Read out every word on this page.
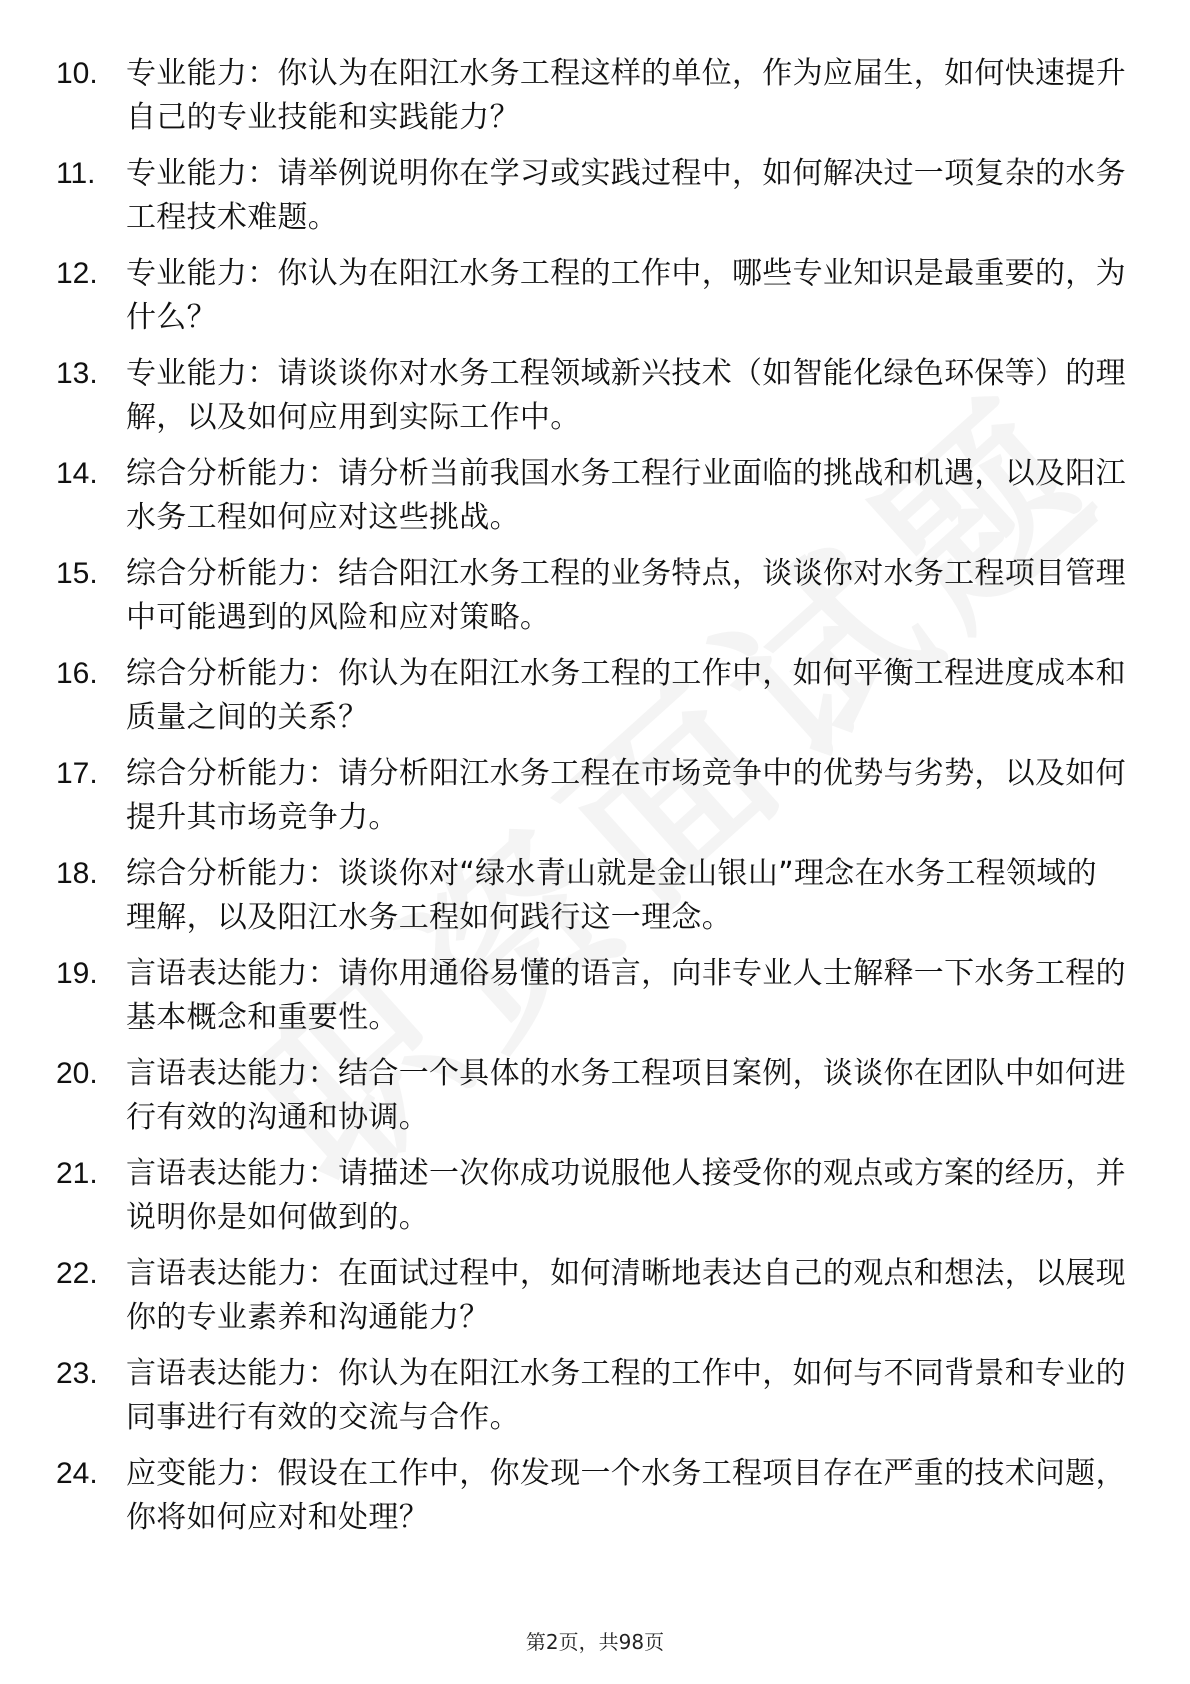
10. 专业能力：你认为在阳江水务工程这样的单位，作为应届生，如何快速提升自己的专业技能和实践能力？
11.	专业能力：请举例说明你在学习或实践过程中，如何解决过一项复杂的水务工程技术难题。
12. 专业能力：你认为在阳江水务工程的工作中，哪些专业知识是最重要的，为什么？
13. 专业能力：请谈谈你对水务工程领域新兴技术（如智能化绿色环保等）的理解，以及如何应用到实际工作中。
14. 综合分析能力：请分析当前我国水务工程行业面临的挑战和机遇，以及阳江水务工程如何应对这些挑战。
15. 综合分析能力：结合阳江水务工程的业务特点，谈谈你对水务工程项目管理中可能遇到的风险和应对策略。
16. 综合分析能力：你认为在阳江水务工程的工作中，如何平衡工程进度成本和质量之间的关系？
17. 综合分析能力：请分析阳江水务工程在市场竞争中的优势与劣势，以及如何提升其市场竞争力。
18. 综合分析能力：谈谈你对“绿水青山就是金山银山”理念在水务工程领域的理解，以及阳江水务工程如何践行这一理念。
19. 言语表达能力：请你用通俗易懂的语言，向非专业人士解释一下水务工程的基本概念和重要性。
20. 言语表达能力：结合一个具体的水务工程项目案例，谈谈你在团队中如何进行有效的沟通和协调。
21. 言语表达能力：请描述一次你成功说服他人接受你的观点或方案的经历，并说明你是如何做到的。
22. 言语表达能力：在面试过程中，如何清晰地表达自己的观点和想法，以展现你的专业素养和沟通能力？
23. 言语表达能力：你认为在阳江水务工程的工作中，如何与不同背景和专业的同事进行有效的交流与合作。
24. 应变能力：假设在工作中，你发现一个水务工程项目存在严重的技术问题，你将如何应对和处理？
第2页，共98页
